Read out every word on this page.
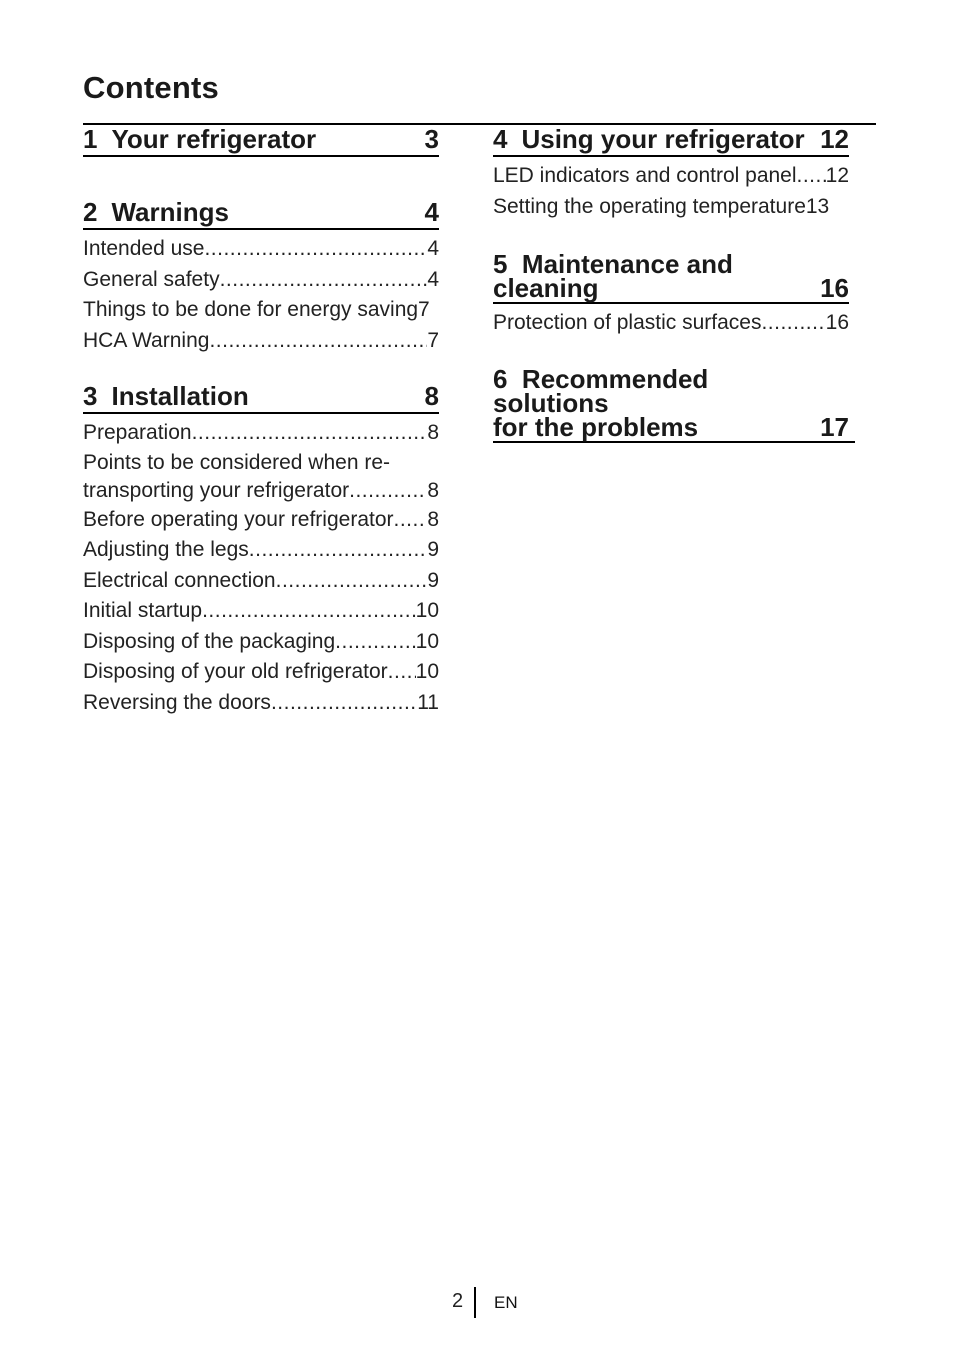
Contents
1 Your refrigerator	3
2 Warnings	4
Intended use .....	4
General safety .....	4
Things to be done for energy saving 7
HCA Warning .....	7
3 Installation	8
Preparation .....	8
Points to be considered when re-
transporting your refrigerator .....	8
Before operating your refrigerator ..... 8
Adjusting the legs .....	9
Electrical connection .....	9
Initial startup .....	10
Disposing of the packaging .....	10
Disposing of your old refrigerator ..... 10
Reversing the doors .....	11
4 Using your refrigerator 12
LED indicators and control panel ..... 12
Setting the operating temperature 13
5 Maintenance and
cleaning	16
Protection of plastic surfaces .....	16
6 Recommended solutions
for the problems	17
2 EN
